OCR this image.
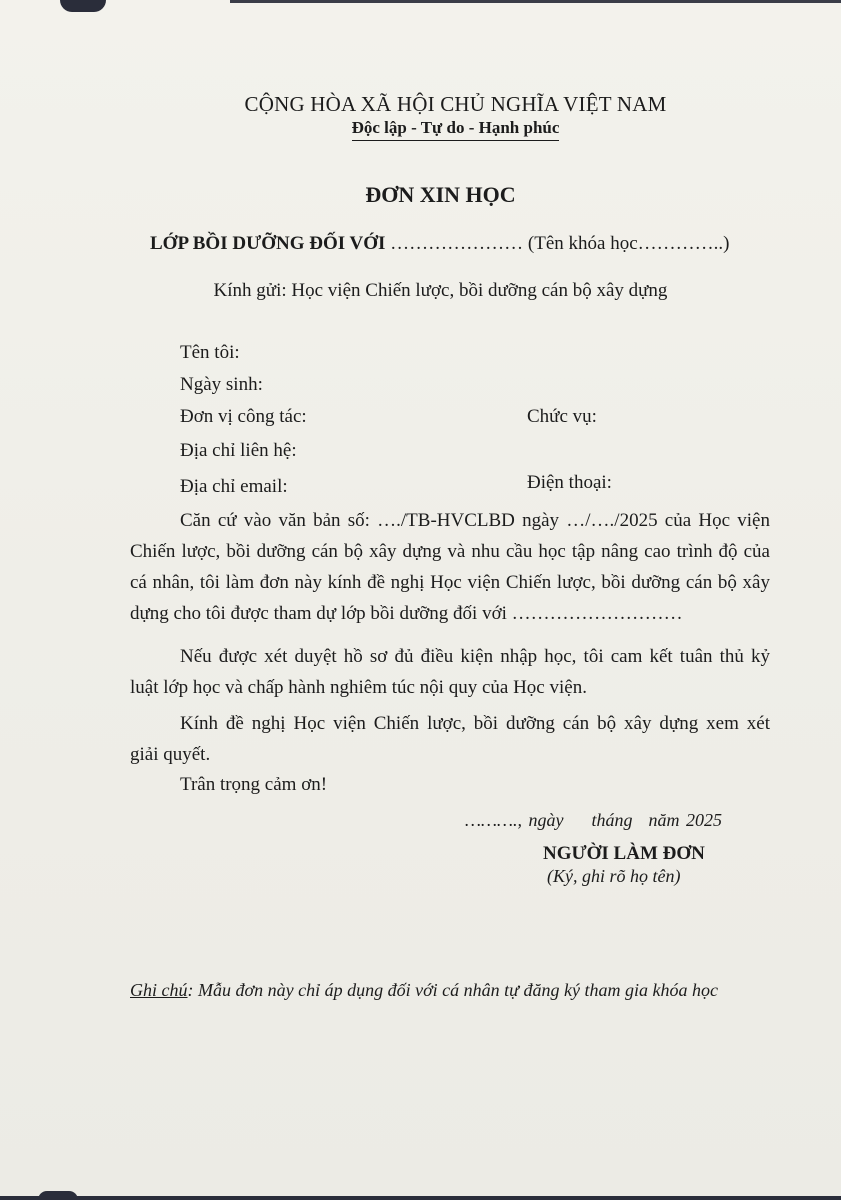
CỘNG HÒA XÃ HỘI CHỦ NGHĨA VIỆT NAM
Độc lập - Tự do - Hạnh phúc
ĐƠN XIN HỌC
LỚP BỒI DƯỠNG ĐỐI VỚI ………………… (Tên khóa học…………..)
Kính gửi: Học viện Chiến lược, bồi dưỡng cán bộ xây dựng
Tên tôi:
Ngày sinh:
Đơn vị công tác:	Chức vụ:
Địa chỉ liên hệ:
Địa chỉ email:	Điện thoại:
Căn cứ vào văn bản số: …./TB-HVCLBD ngày …/…./2025 của Học viện
Chiến lược, bồi dưỡng cán bộ xây dựng và nhu cầu học tập nâng cao trình độ của
cá nhân, tôi làm đơn này kính đề nghị Học viện Chiến lược, bồi dưỡng cán bộ xây
dựng cho tôi được tham dự lớp bồi dưỡng đối với ………………………
Nếu được xét duyệt hồ sơ đủ điều kiện nhập học, tôi cam kết tuân thủ kỷ
luật lớp học và chấp hành nghiêm túc nội quy của Học viện.
Kính đề nghị Học viện Chiến lược, bồi dưỡng cán bộ xây dựng xem xét
giải quyết.
Trân trọng cảm ơn!
………., ngày tháng năm 2025
NGƯỜI LÀM ĐƠN
(Ký, ghi rõ họ tên)
Ghi chú: Mẫu đơn này chỉ áp dụng đối với cá nhân tự đăng ký tham gia khóa học
